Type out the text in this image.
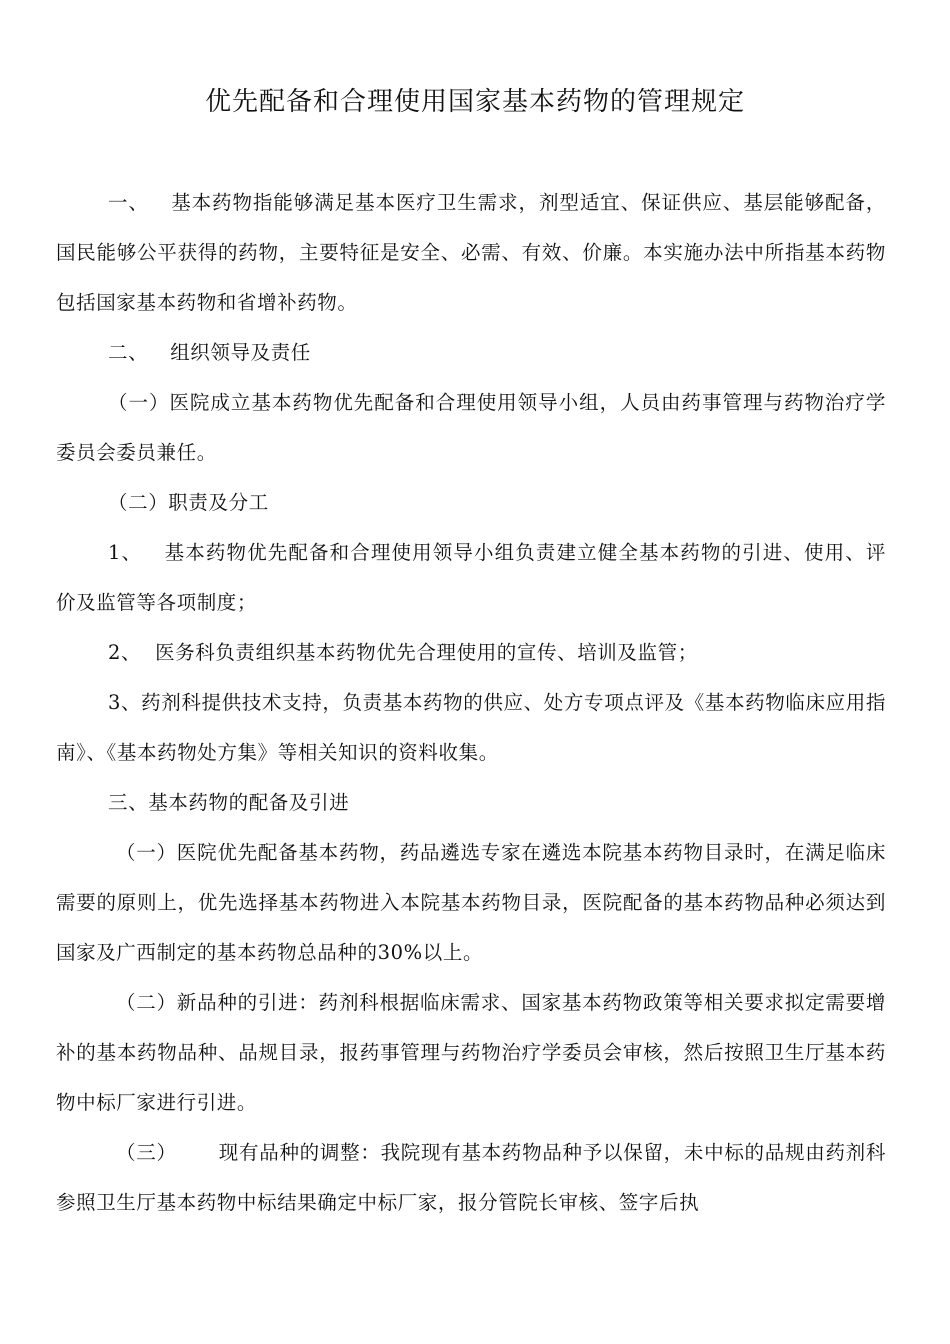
优先配备和合理使用国家基本药物的管理规定

一、 基本药物指能够满足基本医疗卫生需求，剂型适宜、保证供应、基层能够配备，国民能够公平获得的药物，主要特征是安全、必需、有效、价廉。本实施办法中所指基本药物包括国家基本药物和省增补药物。

二、 组织领导及责任

（一）医院成立基本药物优先配备和合理使用领导小组，人员由药事管理与药物治疗学委员会委员兼任。

（二）职责及分工

1、 基本药物优先配备和合理使用领导小组负责建立健全基本药物的引进、使用、评价及监管等各项制度；

2、 医务科负责组织基本药物优先合理使用的宣传、培训及监管；

3、药剂科提供技术支持，负责基本药物的供应、处方专项点评及《基本药物临床应用指南》、《基本药物处方集》等相关知识的资料收集。

三、基本药物的配备及引进

（一）医院优先配备基本药物，药品遴选专家在遴选本院基本药物目录时，在满足临床需要的原则上，优先选择基本药物进入本院基本药物目录，医院配备的基本药物品种必须达到国家及广西制定的基本药物总品种的30%以上。

（二）新品种的引进：药剂科根据临床需求、国家基本药物政策等相关要求拟定需要增补的基本药物品种、品规目录，报药事管理与药物治疗学委员会审核，然后按照卫生厅基本药物中标厂家进行引进。

（三） 现有品种的调整：我院现有基本药物品种予以保留，未中标的品规由药剂科参照卫生厅基本药物中标结果确定中标厂家，报分管院长审核、签字后执
